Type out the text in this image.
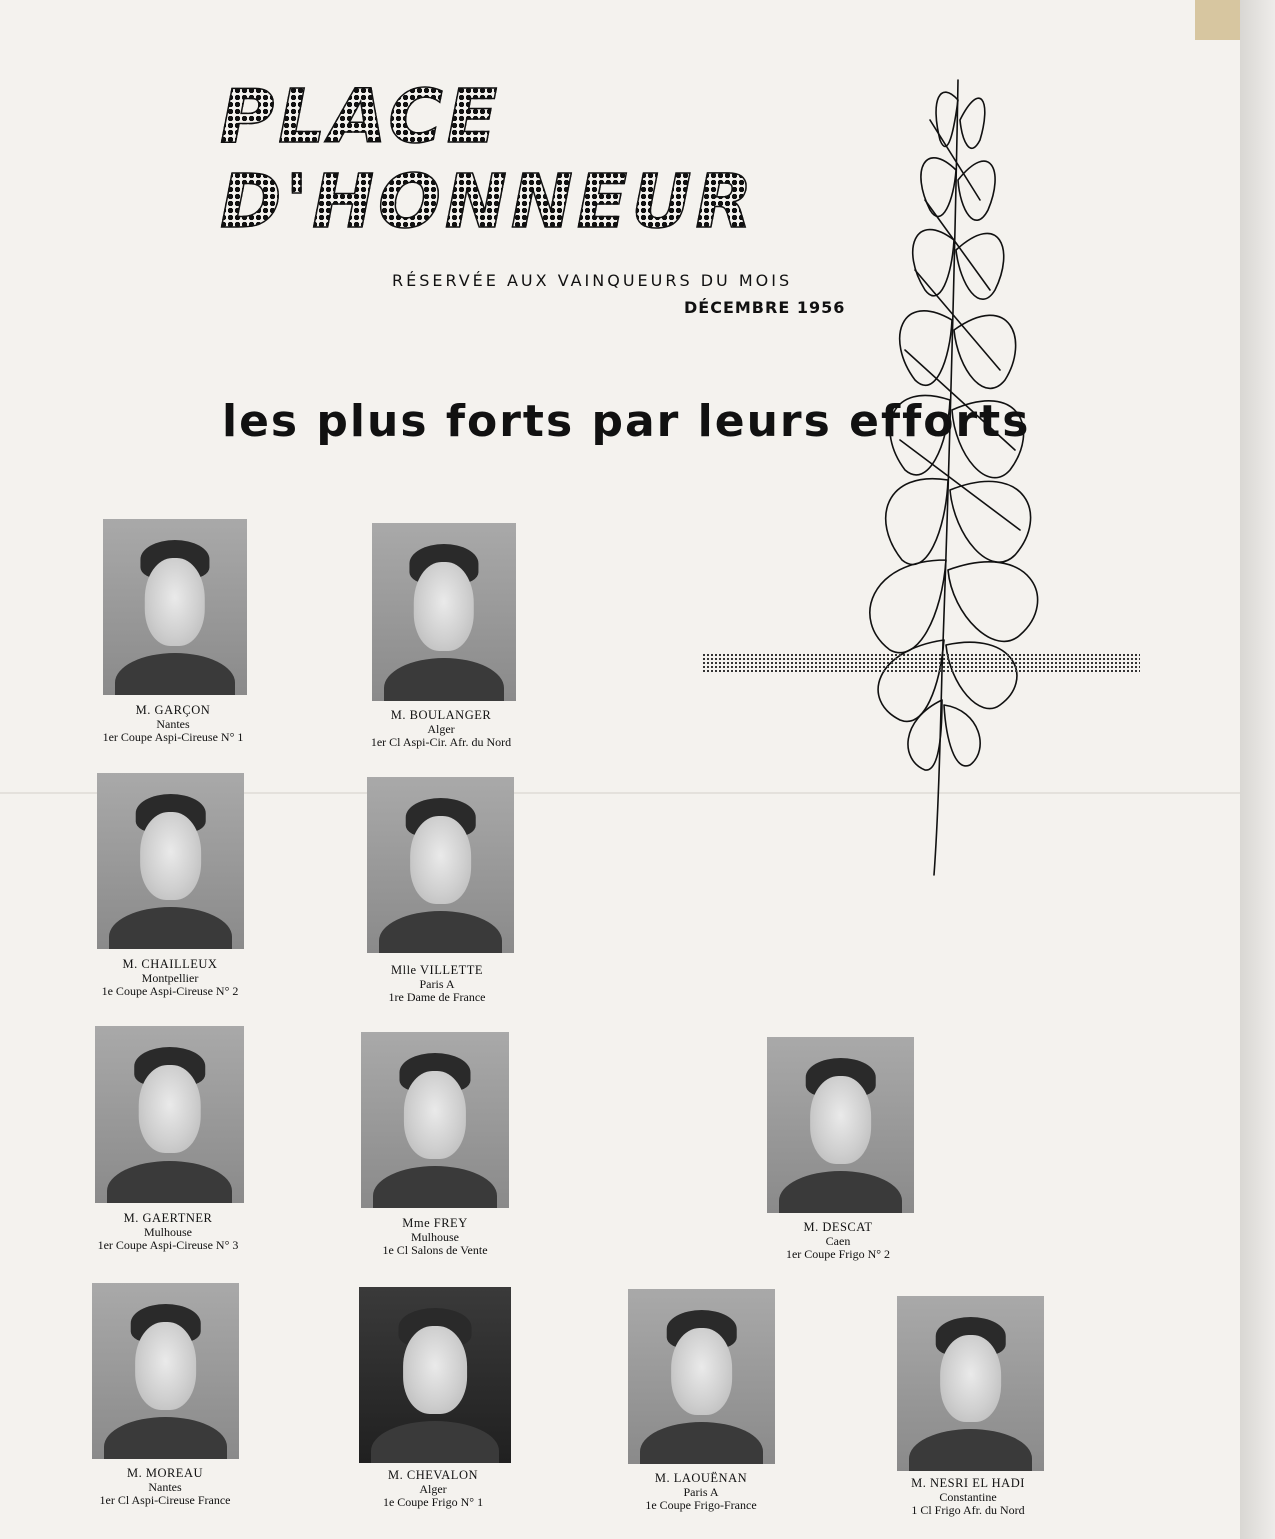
PLACE
D'HONNEUR
RÉSERVÉE AUX VAINQUEURS DU MOIS
DÉCEMBRE 1956
les plus forts par leurs efforts
M. GARÇON
Nantes
1er Coupe Aspi-Cireuse N° 1
M. BOULANGER
Alger
1er Cl Aspi-Cir. Afr. du Nord
M. CHAILLEUX
Montpellier
1e Coupe Aspi-Cireuse N° 2
Mlle VILLETTE
Paris A
1re Dame de France
M. GAERTNER
Mulhouse
1er Coupe Aspi-Cireuse N° 3
Mme FREY
Mulhouse
1e Cl Salons de Vente
M. DESCAT
Caen
1er Coupe Frigo N° 2
M. MOREAU
Nantes
1er Cl Aspi-Cireuse France
M. CHEVALON
Alger
1e Coupe Frigo N° 1
M. LAOUËNAN
Paris A
1e Coupe Frigo-France
M. NESRI EL HADI
Constantine
1 Cl Frigo Afr. du Nord
